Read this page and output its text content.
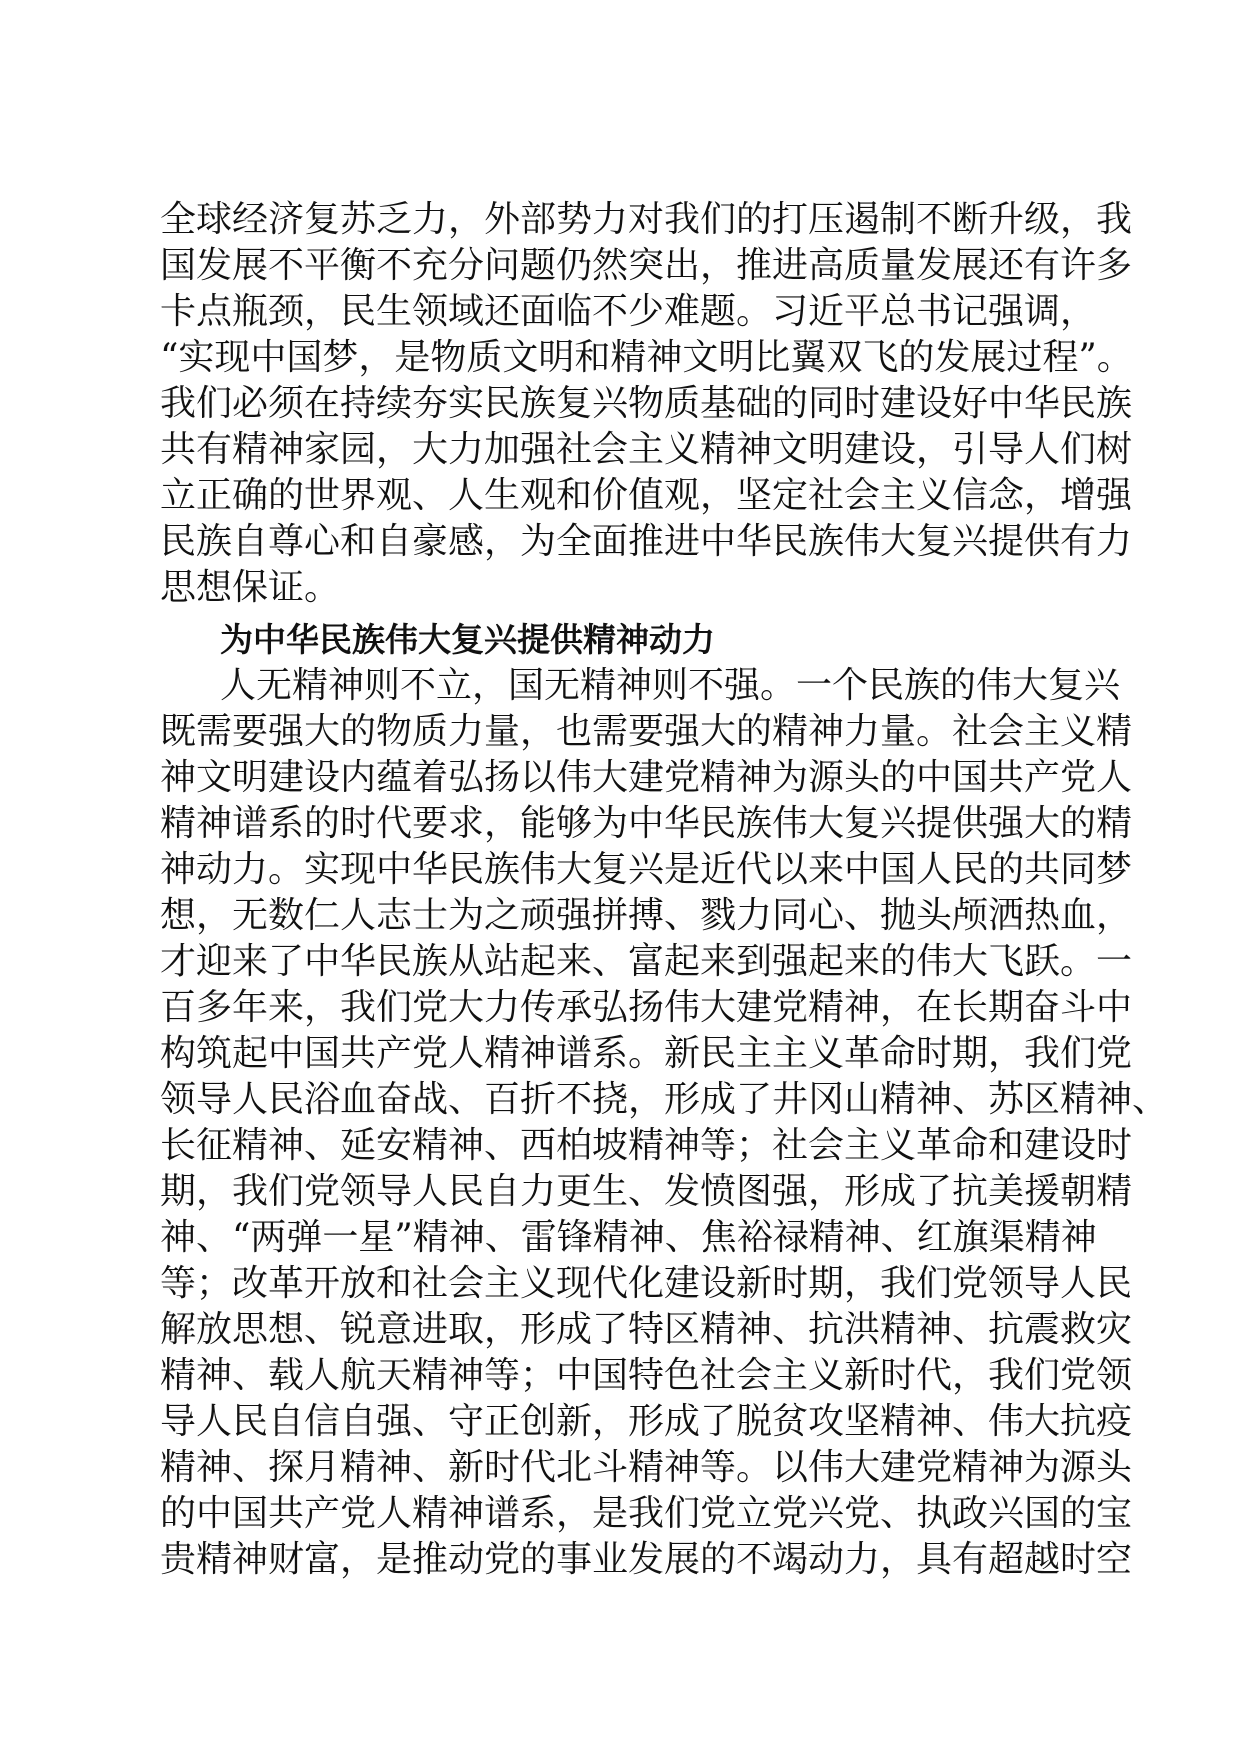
全球经济复苏乏力，外部势力对我们的打压遏制不断升级，我
国发展不平衡不充分问题仍然突出，推进高质量发展还有许多
卡点瓶颈，民生领域还面临不少难题。习近平总书记强调，
“实现中国梦，是物质文明和精神文明比翼双飞的发展过程”。
我们必须在持续夯实民族复兴物质基础的同时建设好中华民族
共有精神家园，大力加强社会主义精神文明建设，引导人们树
立正确的世界观、人生观和价值观，坚定社会主义信念，增强
民族自尊心和自豪感，为全面推进中华民族伟大复兴提供有力
思想保证。
为中华民族伟大复兴提供精神动力
人无精神则不立，国无精神则不强。一个民族的伟大复兴
既需要强大的物质力量，也需要强大的精神力量。社会主义精
神文明建设内蕴着弘扬以伟大建党精神为源头的中国共产党人
精神谱系的时代要求，能够为中华民族伟大复兴提供强大的精
神动力。实现中华民族伟大复兴是近代以来中国人民的共同梦
想，无数仁人志士为之顽强拼搏、戮力同心、抛头颅洒热血，
才迎来了中华民族从站起来、富起来到强起来的伟大飞跃。一
百多年来，我们党大力传承弘扬伟大建党精神，在长期奋斗中
构筑起中国共产党人精神谱系。新民主主义革命时期，我们党
领导人民浴血奋战、百折不挠，形成了井冈山精神、苏区精神、
长征精神、延安精神、西柏坡精神等；社会主义革命和建设时
期，我们党领导人民自力更生、发愤图强，形成了抗美援朝精
神、“两弹一星”精神、雷锋精神、焦裕禄精神、红旗渠精神
等；改革开放和社会主义现代化建设新时期，我们党领导人民
解放思想、锐意进取，形成了特区精神、抗洪精神、抗震救灾
精神、载人航天精神等；中国特色社会主义新时代，我们党领
导人民自信自强、守正创新，形成了脱贫攻坚精神、伟大抗疫
精神、探月精神、新时代北斗精神等。以伟大建党精神为源头
的中国共产党人精神谱系，是我们党立党兴党、执政兴国的宝
贵精神财富，是推动党的事业发展的不竭动力，具有超越时空
